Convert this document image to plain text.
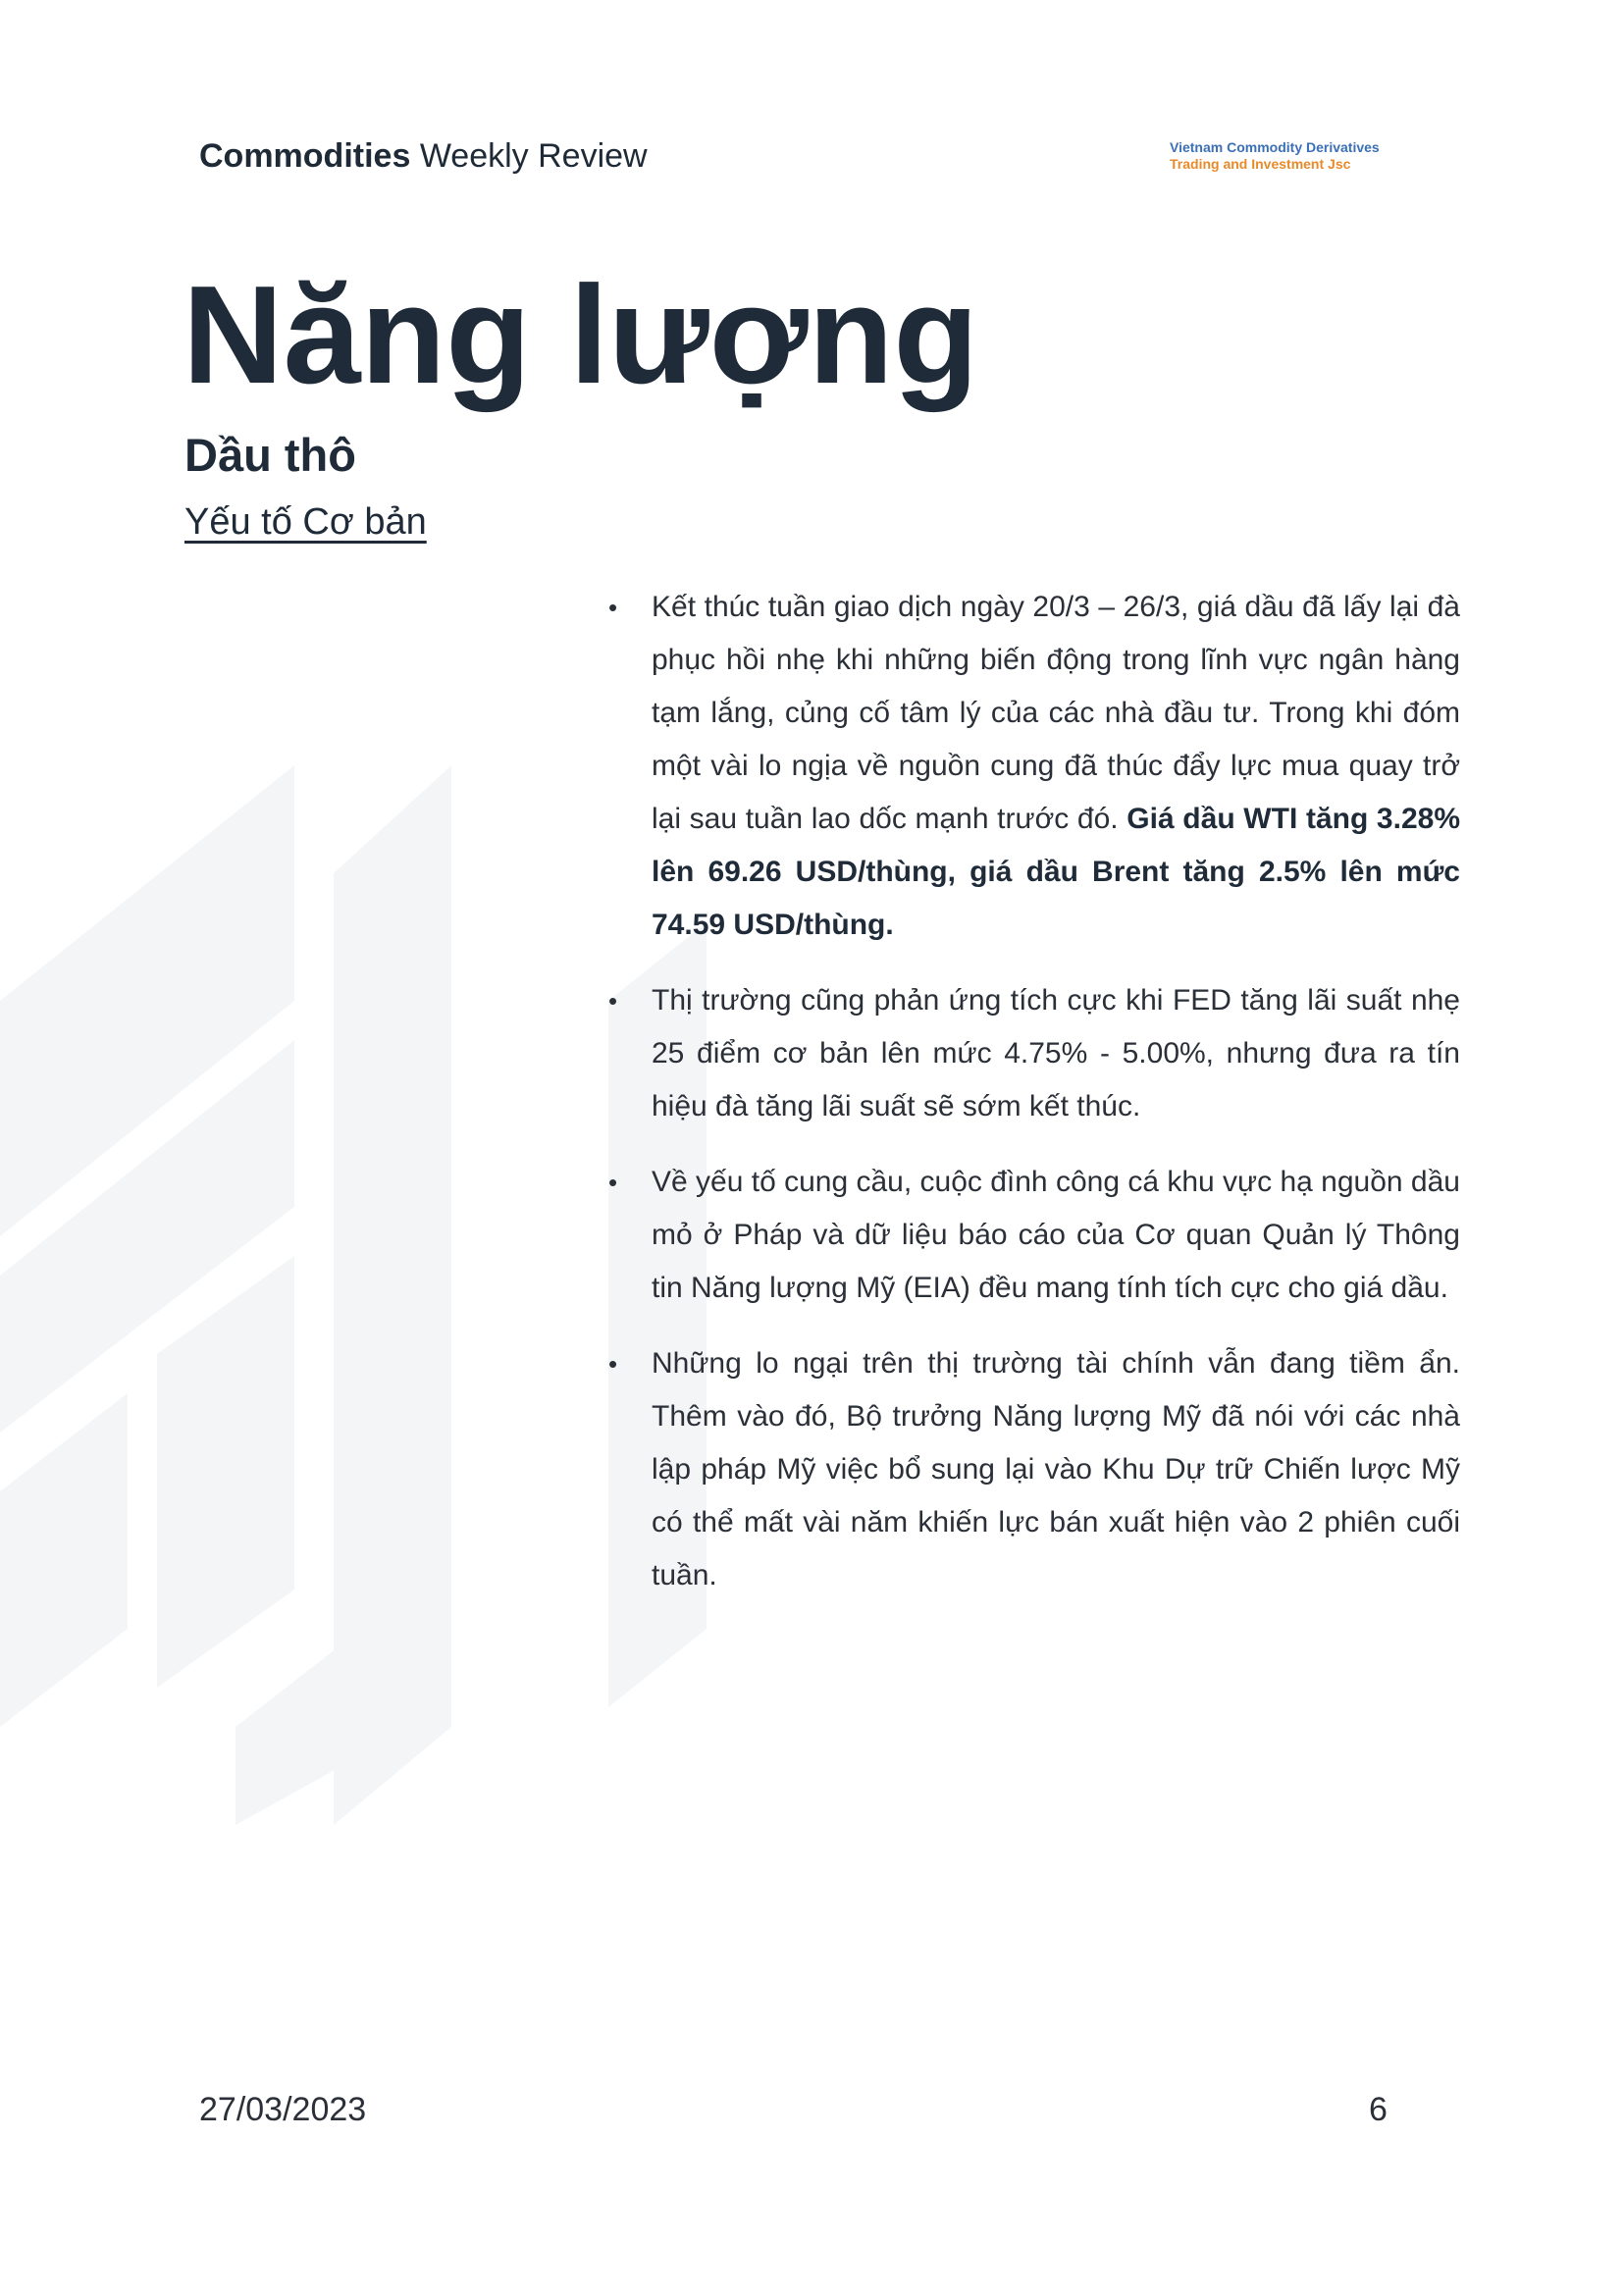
Commodities Weekly Review	Vietnam Commodity Derivatives
Trading and Investment Jsc
Năng lượng
Dầu thô
Yếu tố Cơ bản
• Kết thúc tuần giao dịch ngày 20/3 – 26/3, giá dầu đã lấy lại đà phục hồi nhẹ khi những biến động trong lĩnh vực ngân hàng tạm lắng, củng cố tâm lý của các nhà đầu tư. Trong khi đóm một vài lo ngịa về nguồn cung đã thúc đẩy lực mua quay trở lại sau tuần lao dốc mạnh trước đó. Giá dầu WTI tăng 3.28% lên 69.26 USD/thùng, giá dầu Brent tăng 2.5% lên mức 74.59 USD/thùng.
• Thị trường cũng phản ứng tích cực khi FED tăng lãi suất nhẹ 25 điểm cơ bản lên mức 4.75% - 5.00%, nhưng đưa ra tín hiệu đà tăng lãi suất sẽ sớm kết thúc.
• Về yếu tố cung cầu, cuộc đình công cá khu vực hạ nguồn dầu mỏ ở Pháp và dữ liệu báo cáo của Cơ quan Quản lý Thông tin Năng lượng Mỹ (EIA) đều mang tính tích cực cho giá dầu.
• Những lo ngại trên thị trường tài chính vẫn đang tiềm ẩn. Thêm vào đó, Bộ trưởng Năng lượng Mỹ đã nói với các nhà lập pháp Mỹ việc bổ sung lại vào Khu Dự trữ Chiến lược Mỹ có thể mất vài năm khiến lực bán xuất hiện vào 2 phiên cuối tuần.
27/03/2023	6
